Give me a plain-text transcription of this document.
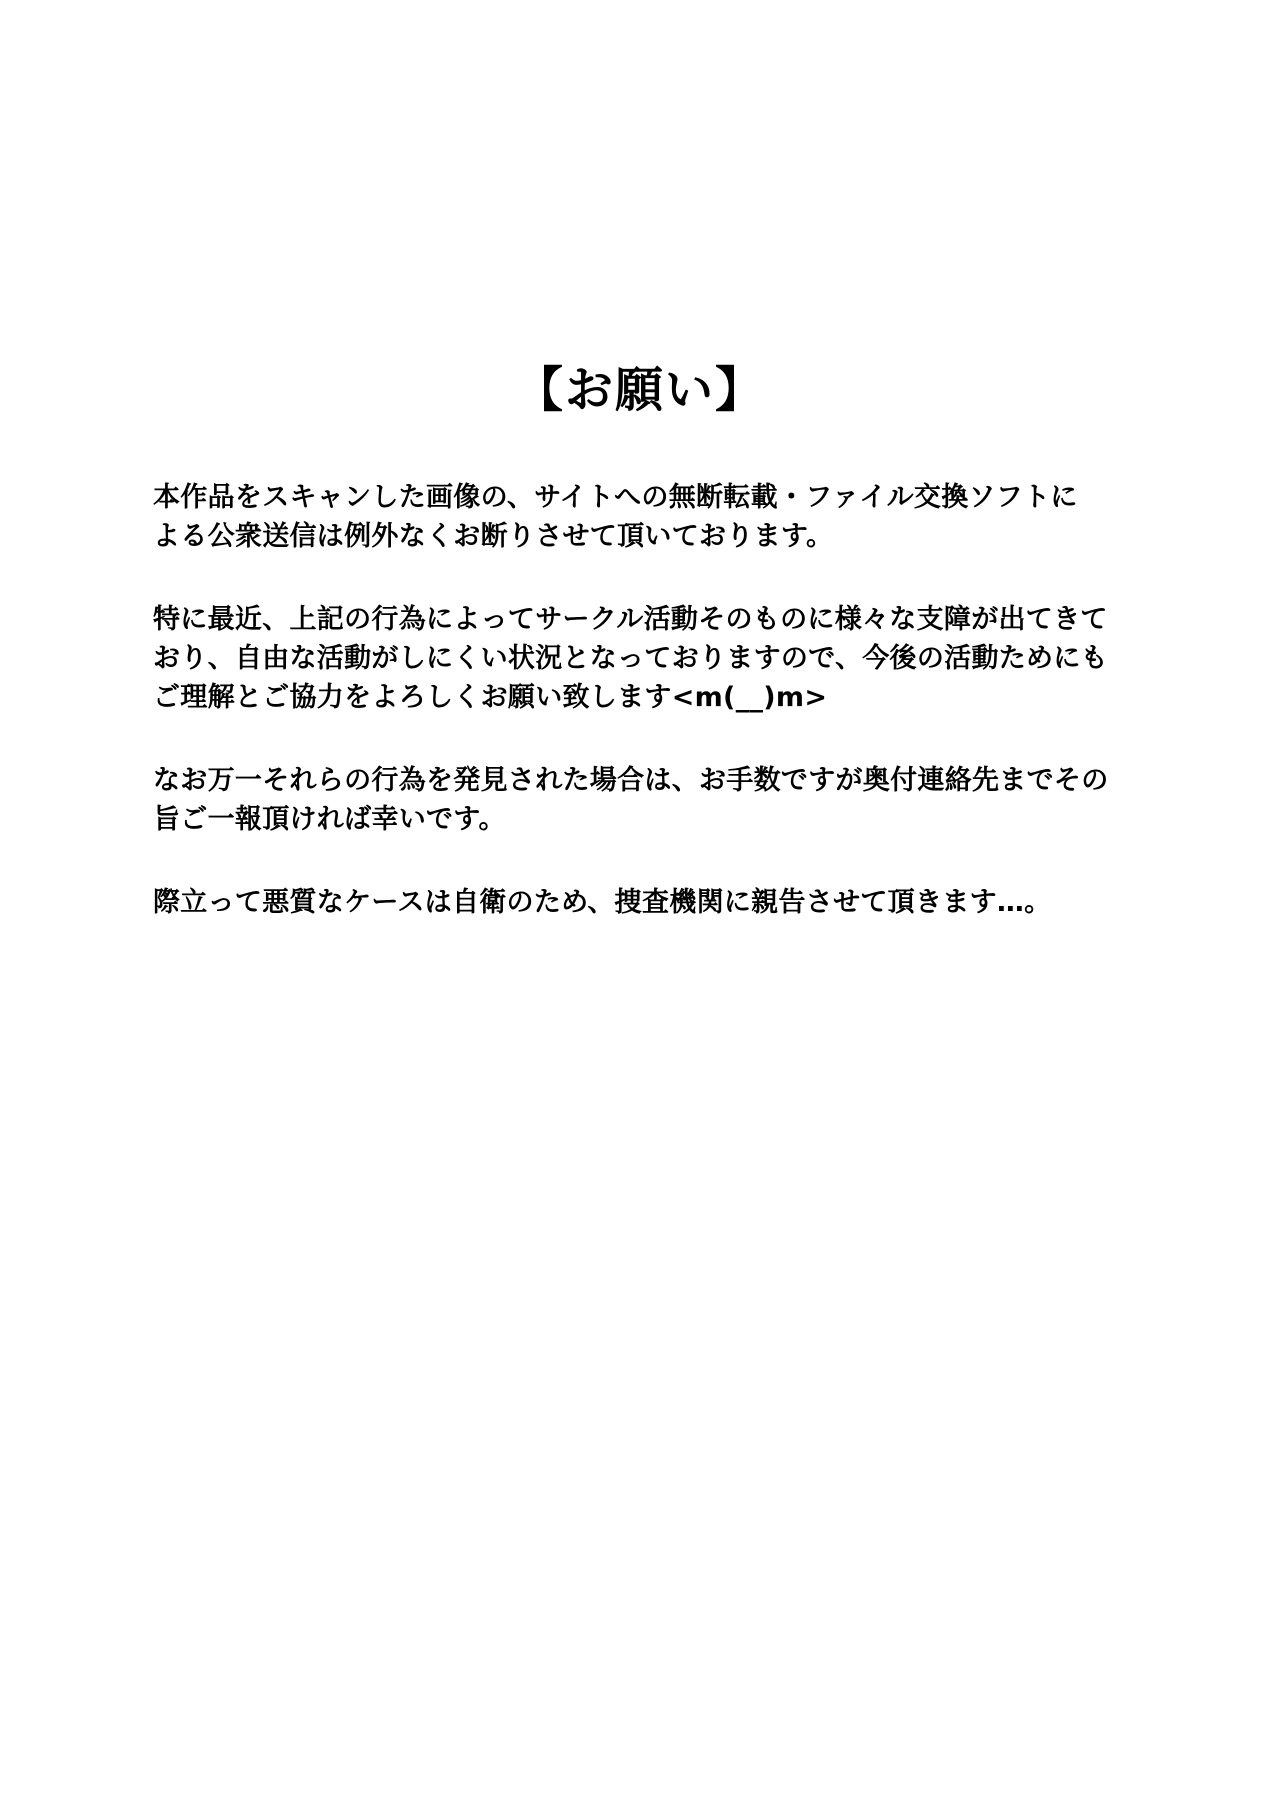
【お願い】

本作品をスキャンした画像の、サイトへの無断転載・ファイル交換ソフトに
よる公衆送信は例外なくお断りさせて頂いております。

特に最近、上記の行為によってサークル活動そのものに様々な支障が出てきて
おり、自由な活動がしにくい状況となっておりますので、今後の活動ためにも
ご理解とご協力をよろしくお願い致します<m(__)m>

なお万一それらの行為を発見された場合は、お手数ですが奥付連絡先までその
旨ご一報頂ければ幸いです。

際立って悪質なケースは自衛のため、捜査機関に親告させて頂きます…。
